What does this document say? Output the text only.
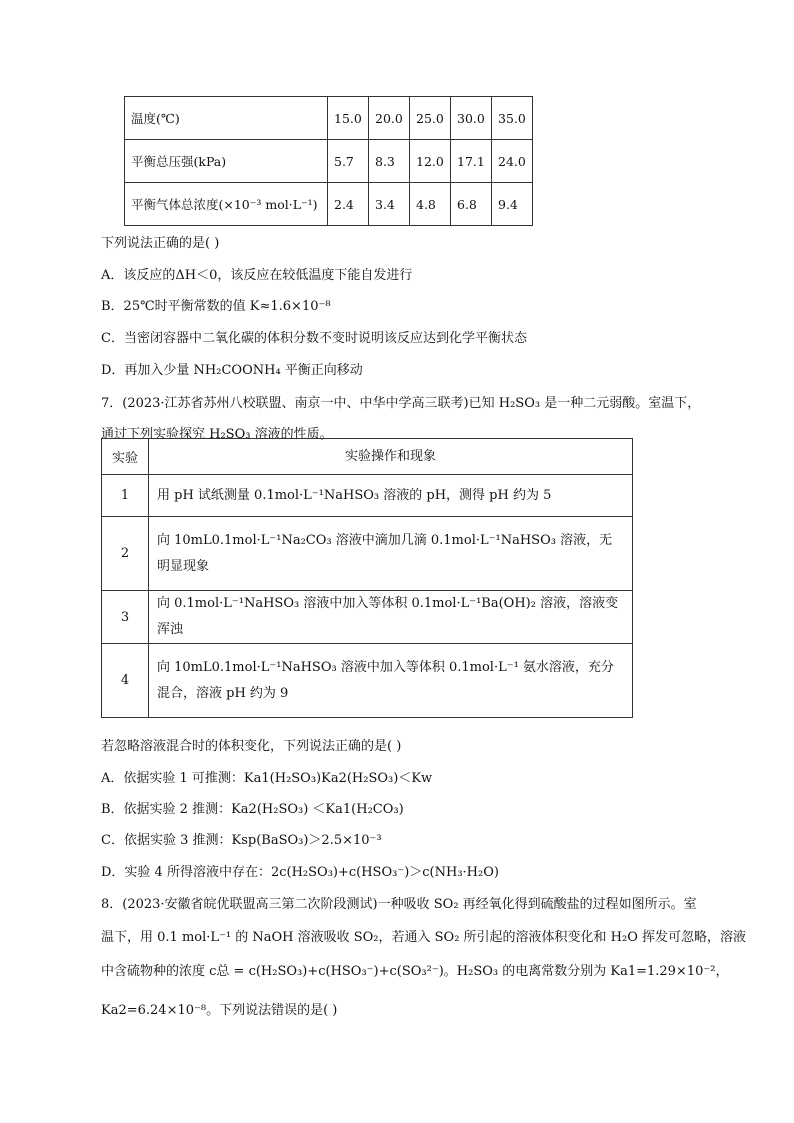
温度(℃)	15.0	20.0	25.0	30.0	35.0
平衡总压强(kPa)	5.7	8.3	12.0	17.1	24.0
平衡气体总浓度(×10⁻³ mol·L⁻¹)	2.4	3.4	4.8	6.8	9.4
下列说法正确的是( )
A．该反应的ΔH＜0，该反应在较低温度下能自发进行
B．25℃时平衡常数的值 K≈1.6×10⁻⁸
C．当密闭容器中二氧化碳的体积分数不变时说明该反应达到化学平衡状态
D．再加入少量 NH₂COONH₄ 平衡正向移动
7．(2023·江苏省苏州八校联盟、南京一中、中华中学高三联考)已知 H₂SO₃ 是一种二元弱酸。室温下，
通过下列实验探究 H₂SO₃ 溶液的性质。
实验	实验操作和现象
1	用 pH 试纸测量 0.1mol·L⁻¹NaHSO₃ 溶液的 pH，测得 pH 约为 5
2	向 10mL0.1mol·L⁻¹Na₂CO₃ 溶液中滴加几滴 0.1mol·L⁻¹NaHSO₃ 溶液，无明显现象
3	向 0.1mol·L⁻¹NaHSO₃ 溶液中加入等体积 0.1mol·L⁻¹Ba(OH)₂ 溶液，溶液变浑浊
4	向 10mL0.1mol·L⁻¹NaHSO₃ 溶液中加入等体积 0.1mol·L⁻¹ 氨水溶液，充分混合，溶液 pH 约为 9
若忽略溶液混合时的体积变化，下列说法正确的是( )
A．依据实验 1 可推测：Ka1(H₂SO₃)Ka2(H₂SO₃)＜Kw
B．依据实验 2 推测：Ka2(H₂SO₃) ＜Ka1(H₂CO₃)
C．依据实验 3 推测：Ksp(BaSO₃)＞2.5×10⁻³
D．实验 4 所得溶液中存在：2c(H₂SO₃)+c(HSO₃⁻)＞c(NH₃·H₂O)
8．(2023·安徽省皖优联盟高三第二次阶段测试)一种吸收 SO₂ 再经氧化得到硫酸盐的过程如图所示。室
温下，用 0.1 mol·L⁻¹ 的 NaOH 溶液吸收 SO₂，若通入 SO₂ 所引起的溶液体积变化和 H₂O 挥发可忽略，溶液
中含硫物种的浓度 c总 = c(H₂SO₃)+c(HSO₃⁻)+c(SO₃²⁻)。H₂SO₃ 的电离常数分别为 Ka1=1.29×10⁻²，
Ka2=6.24×10⁻⁸。下列说法错误的是( )
